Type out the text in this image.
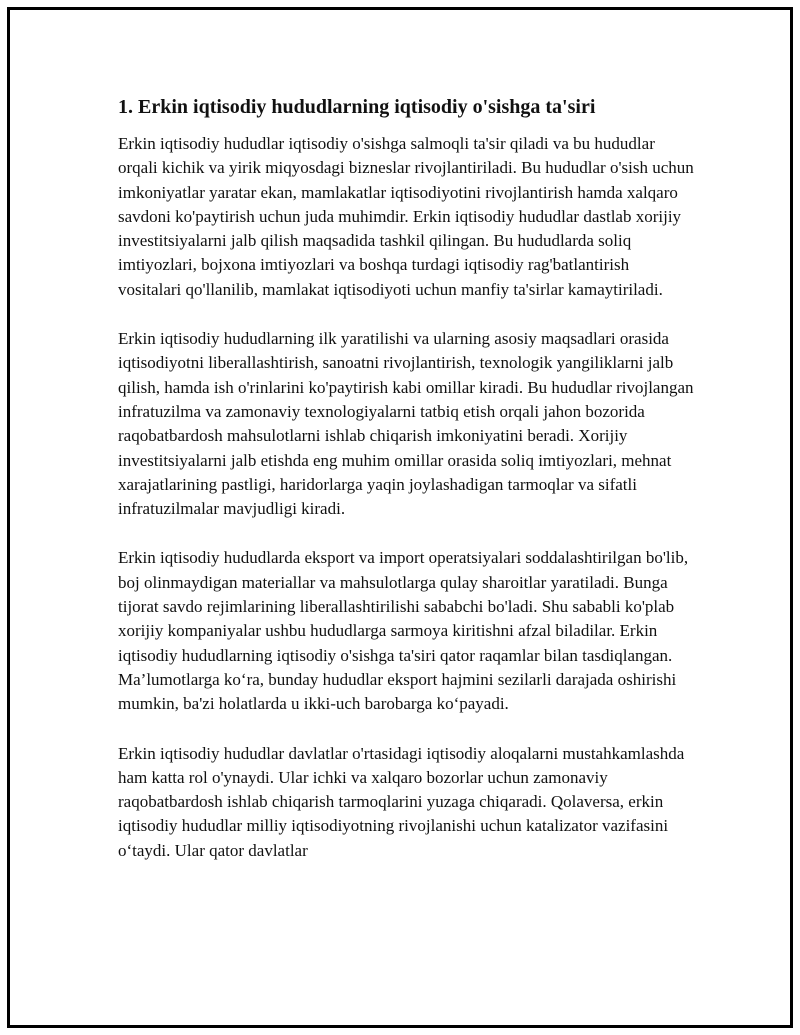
1. Erkin iqtisodiy hududlarning iqtisodiy o'sishga ta'siri

Erkin iqtisodiy hududlar iqtisodiy o'sishga salmoqli ta'sir qiladi va bu hududlar orqali kichik va yirik miqyosdagi bizneslar rivojlantiriladi. Bu hududlar o'sish uchun imkoniyatlar yaratar ekan, mamlakatlar iqtisodiyotini rivojlantirish hamda xalqaro savdoni ko'paytirish uchun juda muhimdir. Erkin iqtisodiy hududlar dastlab xorijiy investitsiyalarni jalb qilish maqsadida tashkil qilingan. Bu hududlarda soliq imtiyozlari, bojxona imtiyozlari va boshqa turdagi iqtisodiy rag'batlantirish vositalari qo'llanilib, mamlakat iqtisodiyoti uchun manfiy ta'sirlar kamaytiriladi.

Erkin iqtisodiy hududlarning ilk yaratilishi va ularning asosiy maqsadlari orasida iqtisodiyotni liberallashtirish, sanoatni rivojlantirish, texnologik yangiliklarni jalb qilish, hamda ish o'rinlarini ko'paytirish kabi omillar kiradi. Bu hududlar rivojlangan infratuzilma va zamonaviy texnologiyalarni tatbiq etish orqali jahon bozorida raqobatbardosh mahsulotlarni ishlab chiqarish imkoniyatini beradi. Xorijiy investitsiyalarni jalb etishda eng muhim omillar orasida soliq imtiyozlari, mehnat xarajatlarining pastligi, haridorlarga yaqin joylashadigan tarmoqlar va sifatli infratuzilmalar mavjudligi kiradi.

Erkin iqtisodiy hududlarda eksport va import operatsiyalari soddalashtirilgan bo'lib, boj olinmaydigan materiallar va mahsulotlarga qulay sharoitlar yaratiladi. Bunga tijorat savdo rejimlarining liberallashtirilishi sababchi bo'ladi. Shu sababli ko'plab xorijiy kompaniyalar ushbu hududlarga sarmoya kiritishni afzal biladilar. Erkin iqtisodiy hududlarning iqtisodiy o'sishga ta'siri qator raqamlar bilan tasdiqlangan. Ma’lumotlarga ko‘ra, bunday hududlar eksport hajmini sezilarli darajada oshirishi mumkin, ba'zi holatlarda u ikki-uch barobarga ko‘payadi.

Erkin iqtisodiy hududlar davlatlar o'rtasidagi iqtisodiy aloqalarni mustahkamlashda ham katta rol o'ynaydi. Ular ichki va xalqaro bozorlar uchun zamonaviy raqobatbardosh ishlab chiqarish tarmoqlarini yuzaga chiqaradi. Qolaversa, erkin iqtisodiy hududlar milliy iqtisodiyotning rivojlanishi uchun katalizator vazifasini o‘taydi. Ular qator davlatlar
